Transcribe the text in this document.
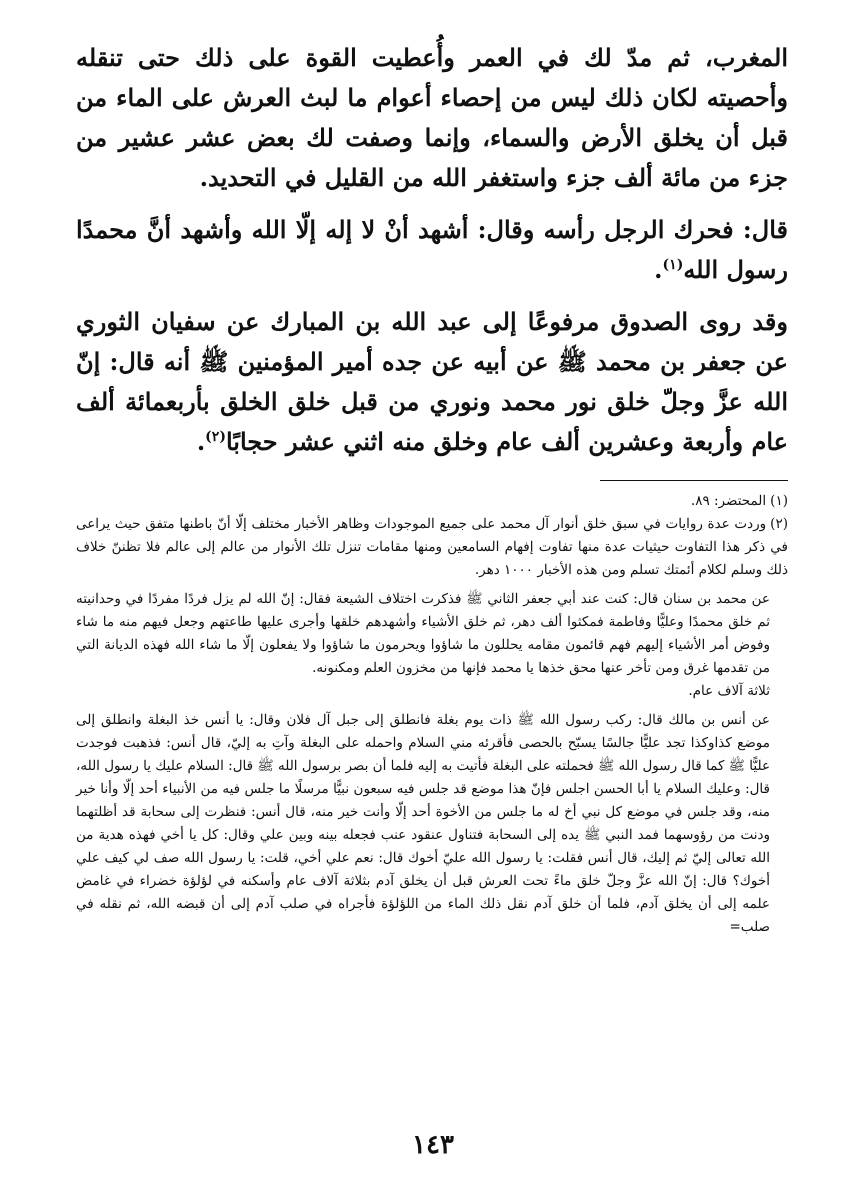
المغرب، ثم مدّ لك في العمر وأُعطيت القوة على ذلك حتى تنقله وأحصيته لكان ذلك ليس من إحصاء أعوام ما لبث العرش على الماء من قبل أن يخلق الأرض والسماء، وإنما وصفت لك بعض عشر عشير من جزء من مائة ألف جزء واستغفر الله من القليل في التحديد.

قال: فحرك الرجل رأسه وقال: أشهد أنْ لا إله إلّا الله وأشهد أنَّ محمدًا رسول الله$^{(١)}$.

وقد روى الصدوق مرفوعًا إلى عبد الله بن المبارك عن سفيان الثوري عن جعفر بن محمد ﷺ عن أبيه عن جده أمير المؤمنين ﷺ أنه قال: إنّ الله عزَّ وجلّ خلق نور محمد ونوري من قبل خلق الخلق بأربعمائة ألف عام وأربعة وعشرين ألف عام وخلق منه اثني عشر حجابًا$^{(٢)}$.

(١)المحتضر: ٨٩.

(٢)وردت عدة روايات في سبق خلق أنوار آل محمد على جميع الموجودات وظاهر الأخبار مختلف إلّا أنّ باطنها متفق حيث يراعى في ذكر هذا التفاوت حيثيات عدة منها تفاوت إفهام السامعين ومنها مقامات تنزل تلك الأنوار من عالم إلى عالم فلا تظننّ خلاف ذلك وسلم لكلام أئمتك تسلم ومن هذه الأخبار ١٠٠٠ دهر.

عن محمد بن سنان قال: كنت عند أبي جعفر الثاني ﷺ فذكرت اختلاف الشيعة فقال: إنّ الله لم يزل فردًا مفردًا في وحدانيته ثم خلق محمدًا وعليًّا وفاطمة فمكثوا ألف دهر، ثم خلق الأشياء وأشهدهم خلقها وأجرى عليها طاعتهم وجعل فيهم منه ما شاء وفوض أمر الأشياء إليهم فهم قائمون مقامه يحللون ما شاؤوا ويحرمون ما شاؤوا ولا يفعلون إلّا ما شاء الله فهذه الديانة التي من تقدمها غرق ومن تأخر عنها محق خذها يا محمد فإنها من مخزون العلم ومكنونه.

ثلاثة آلاف عام.

عن أنس بن مالك قال: ركب رسول الله ﷺ ذات يوم بغلة فانطلق إلى جبل آل فلان وقال: يا أنس خذ البغلة وانطلق إلى موضع كذاوكذا تجد عليًّا جالسًا يسبّح بالحصى فأقرئه مني السلام واحمله على البغلة وآتِ به إليّ، قال أنس: فذهبت فوجدت عليًّا ﷺ كما قال رسول الله ﷺ فحملته على البغلة فأتيت به إليه فلما أن بصر برسول الله ﷺ قال: السلام عليك يا رسول الله، قال: وعليك السلام يا أبا الحسن اجلس فإنّ هذا موضع قد جلس فيه سبعون نبيًّا مرسلًا ما جلس فيه من الأنبياء أحد إلّا وأنا خير منه، وقد جلس في موضع كل نبي أخ له ما جلس من الأخوة أحد إلّا وأنت خير منه، قال أنس: فنظرت إلى سحابة قد أظلتهما ودنت من رؤوسهما فمد النبي ﷺ يده إلى السحابة فتناول عنقود عنب فجعله بينه وبين علي وقال: كل يا أخي فهذه هدية من الله تعالى إليّ ثم إليك، قال أنس فقلت: يا رسول الله عليّ أخوك قال: نعم علي أخي، قلت: يا رسول الله صف لي كيف علي أخوك؟ قال: إنّ الله عزَّ وجلّ خلق ماءً تحت العرش قبل أن يخلق آدم بثلاثة آلاف عام وأسكنه في لؤلؤة خضراء في غامض علمه إلى أن يخلق آدم، فلما أن خلق آدم نقل ذلك الماء من اللؤلؤة فأجراه في صلب آدم إلى أن قبضه الله، ثم نقله في صلب=

١٤٣
